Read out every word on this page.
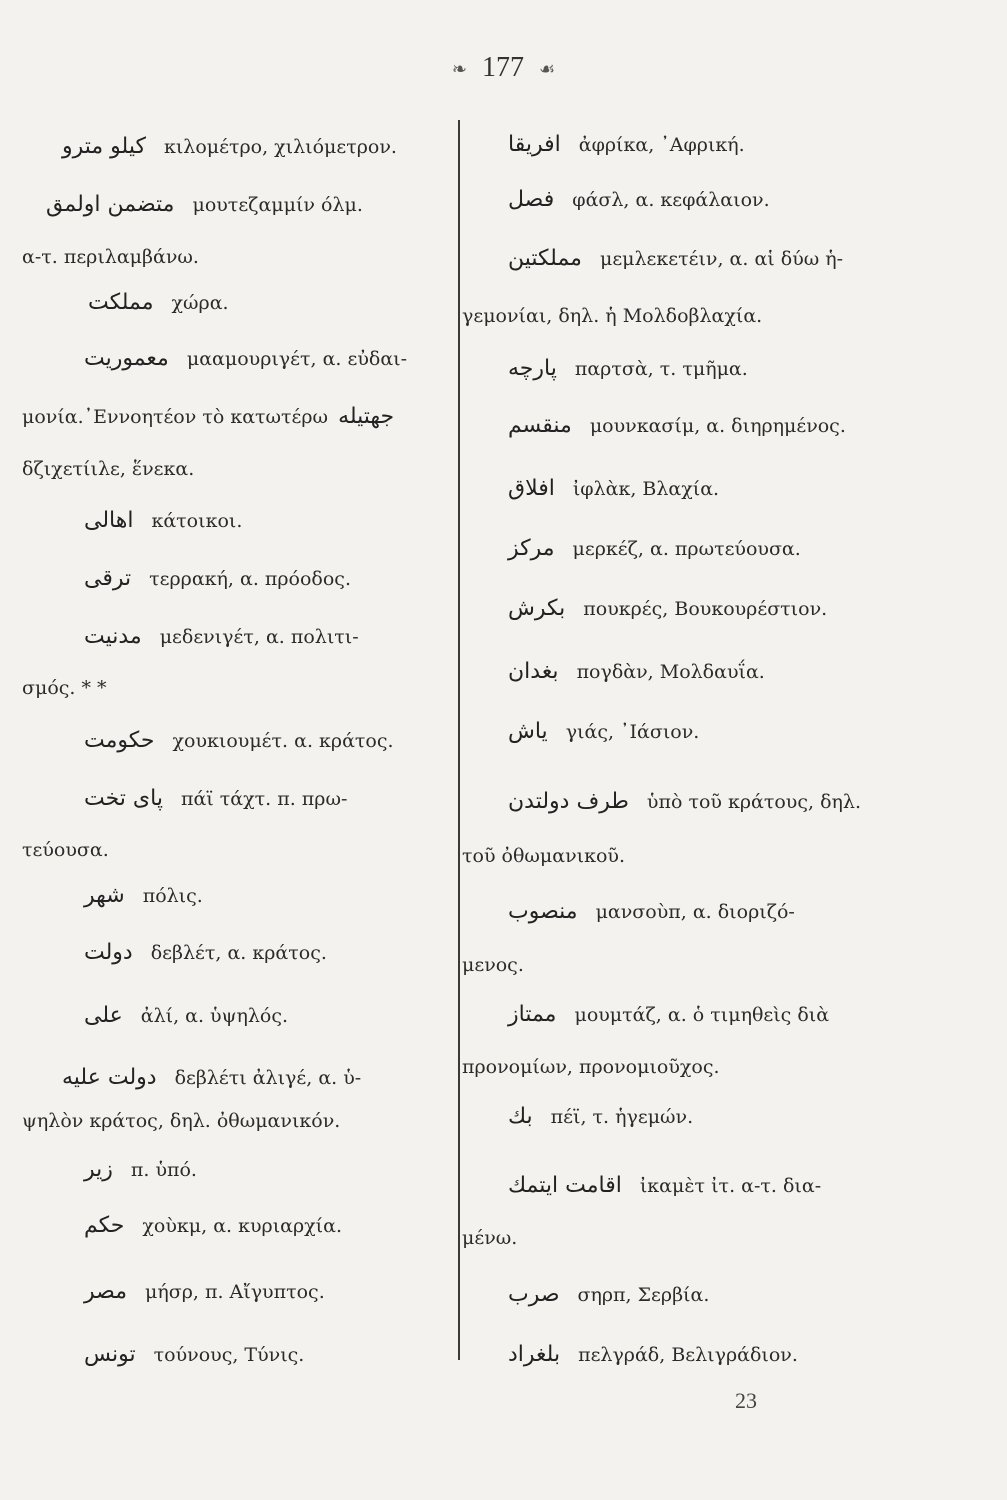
❧ 177 ☙
کیلو مترو κιλομέτρο, χιλιόμετρον.
متضمن اولمق μουτεζαμμίν όλμ.
α-τ. περιλαμβάνω.
مملکت χώρα.
معموریت μααμουριγέτ, α. εὐδαι-
μονία.᾿Εννοητέον τὸ κατωτέρω جهتیله
δζιχετίιλε, ἕνεκα.
اهالی κάτοικοι.
ترقی τερρακή, α. πρόοδος.
مدنیت μεδενιγέτ, α. πολιτι-
σμός. * *
حکومت χουκιουμέτ. α. κράτος.
پای تخت πάϊ τάχτ. π. πρω-
τεύουσα.
شهر πόλις.
دولت δεβλέτ, α. κράτος.
علی ἀλί, α. ὑψηλός.
دولت علیه δεβλέτι ἀλιγέ, α. ὑ-
ψηλὸν κράτος, δηλ. ὀθωμανικόν.
زیر π. ὑπό.
حکم χοὺκμ, α. κυριαρχία.
مصر μήσρ, π. Αἴγυπτος.
تونس τούνους, Τύνις.
افریقا ἀφρίκα, ᾿Αφρική.
فصل φάσλ, α. κεφάλαιον.
مملکتین μεμλεκετέιν, α. αἱ δύω ἡ-
γεμονίαι, δηλ. ἡ Μολδοβλαχία.
پارچه παρτσὰ, τ. τμῆμα.
منقسم μουνκασίμ, α. διηρημένος.
افلاق ἰφλὰκ, Βλαχία.
مرکز μερκέζ, α. πρωτεύουσα.
بکرش πουκρές, Βουκουρέστιον.
بغدان πογδὰν, Μολδαυΐα.
یاش γιάς, ᾿Ιάσιον.
طرف دولتدن ὑπὸ τοῦ κράτους, δηλ.
τοῦ ὀθωμανικοῦ.
منصوب μανσοὺπ, α. διοριζό-
μενος.
ممتاز μουμτάζ, α. ὁ τιμηθεὶς διὰ
προνομίων, προνομιοῦχος.
بك πέϊ, τ. ἡγεμών.
اقامت ایتمك ἰκαμὲτ ἰτ. α-τ. δια-
μένω.
صرب σηρπ, Σερβία.
بلغراد πελγράδ, Βελιγράδιον.
23
